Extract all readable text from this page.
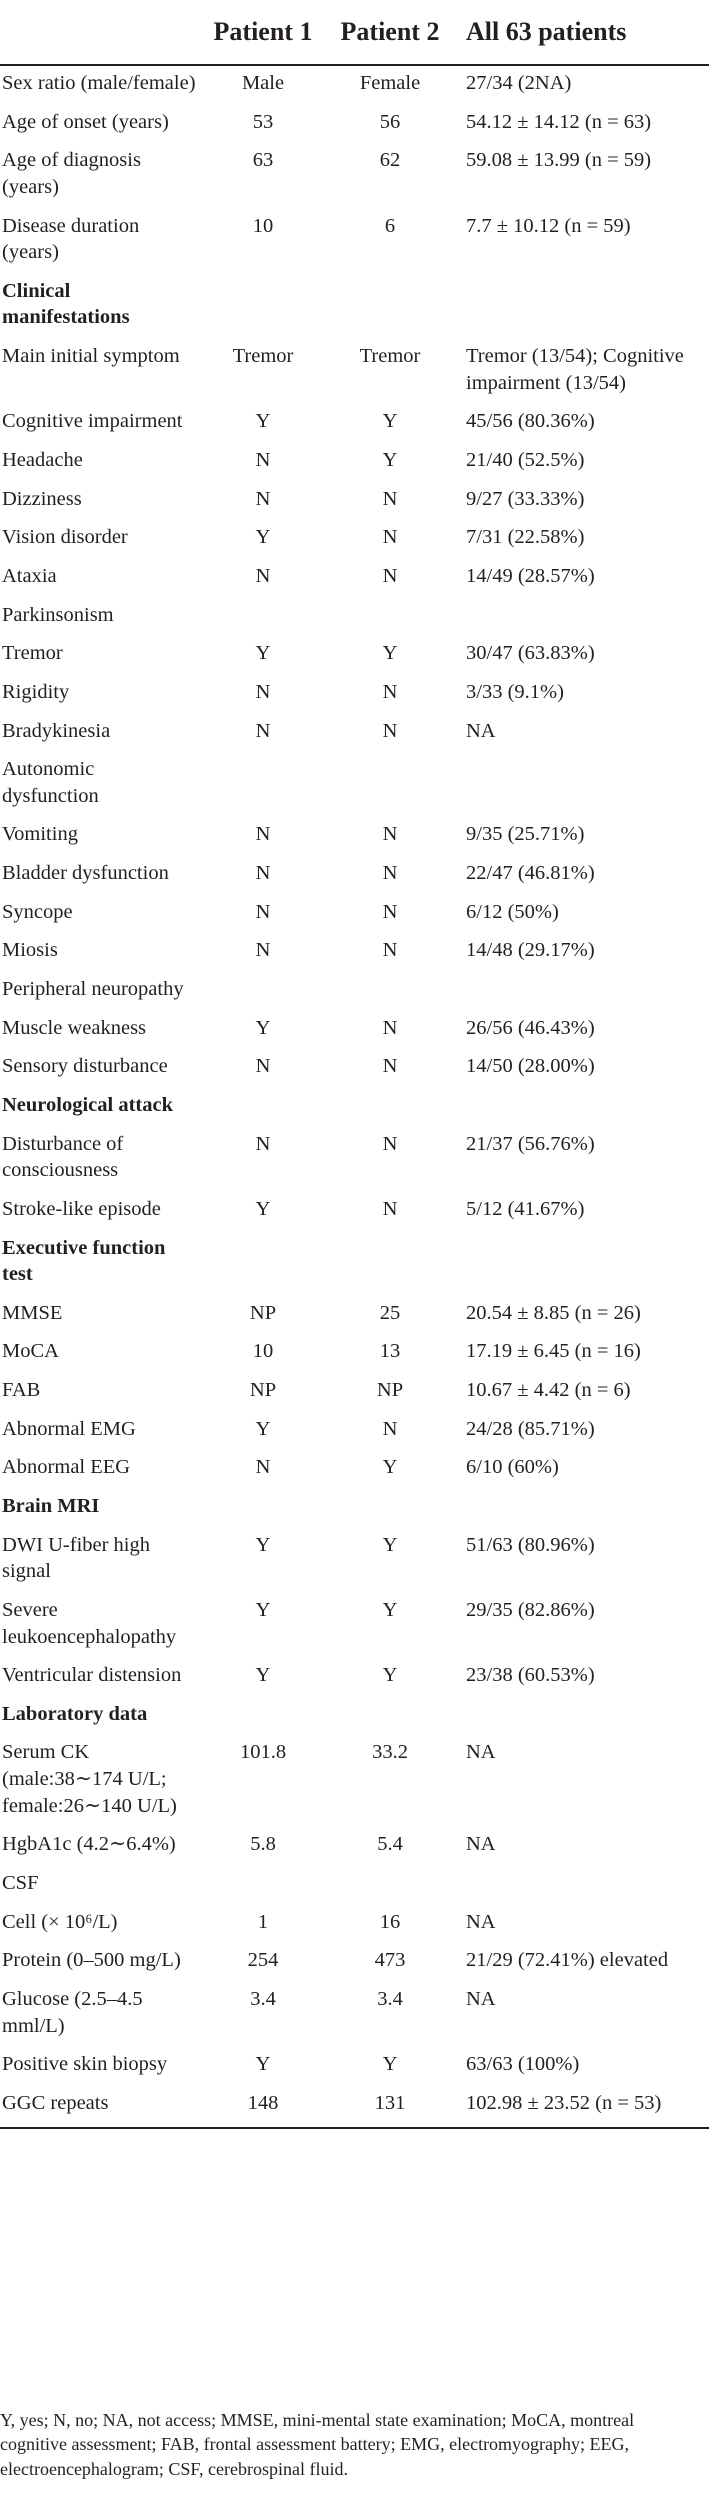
	Patient 1	Patient 2	All 63 patients
Sex ratio (male/female)	Male	Female	27/34 (2NA)
Age of onset (years)	53	56	54.12 ± 14.12 (n = 63)
Age of diagnosis (years)	63	62	59.08 ± 13.99 (n = 59)
Disease duration (years)	10	6	7.7 ± 10.12 (n = 59)
Clinical manifestations			
Main initial symptom	Tremor	Tremor	Tremor (13/54); Cognitive impairment (13/54)
Cognitive impairment	Y	Y	45/56 (80.36%)
Headache	N	Y	21/40 (52.5%)
Dizziness	N	N	9/27 (33.33%)
Vision disorder	Y	N	7/31 (22.58%)
Ataxia	N	N	14/49 (28.57%)
Parkinsonism			
Tremor	Y	Y	30/47 (63.83%)
Rigidity	N	N	3/33 (9.1%)
Bradykinesia	N	N	NA
Autonomic dysfunction			
Vomiting	N	N	9/35 (25.71%)
Bladder dysfunction	N	N	22/47 (46.81%)
Syncope	N	N	6/12 (50%)
Miosis	N	N	14/48 (29.17%)
Peripheral neuropathy			
Muscle weakness	Y	N	26/56 (46.43%)
Sensory disturbance	N	N	14/50 (28.00%)
Neurological attack			
Disturbance of consciousness	N	N	21/37 (56.76%)
Stroke-like episode	Y	N	5/12 (41.67%)
Executive function test			
MMSE	NP	25	20.54 ± 8.85 (n = 26)
MoCA	10	13	17.19 ± 6.45 (n = 16)
FAB	NP	NP	10.67 ± 4.42 (n = 6)
Abnormal EMG	Y	N	24/28 (85.71%)
Abnormal EEG	N	Y	6/10 (60%)
Brain MRI			
DWI U-fiber high signal	Y	Y	51/63 (80.96%)
Severe leukoencephalopathy	Y	Y	29/35 (82.86%)
Ventricular distension	Y	Y	23/38 (60.53%)
Laboratory data			
Serum CK (male:38∼174 U/L; female:26∼140 U/L)	101.8	33.2	NA
HgbA1c (4.2∼6.4%)	5.8	5.4	NA
CSF			
Cell (× 10⁶/L)	1	16	NA
Protein (0–500 mg/L)	254	473	21/29 (72.41%) elevated
Glucose (2.5–4.5 mml/L)	3.4	3.4	NA
Positive skin biopsy	Y	Y	63/63 (100%)
GGC repeats	148	131	102.98 ± 23.52 (n = 53)
Y, yes; N, no; NA, not access; MMSE, mini-mental state examination; MoCA, montreal cognitive assessment; FAB, frontal assessment battery; EMG, electromyography; EEG, electroencephalogram; CSF, cerebrospinal fluid.
